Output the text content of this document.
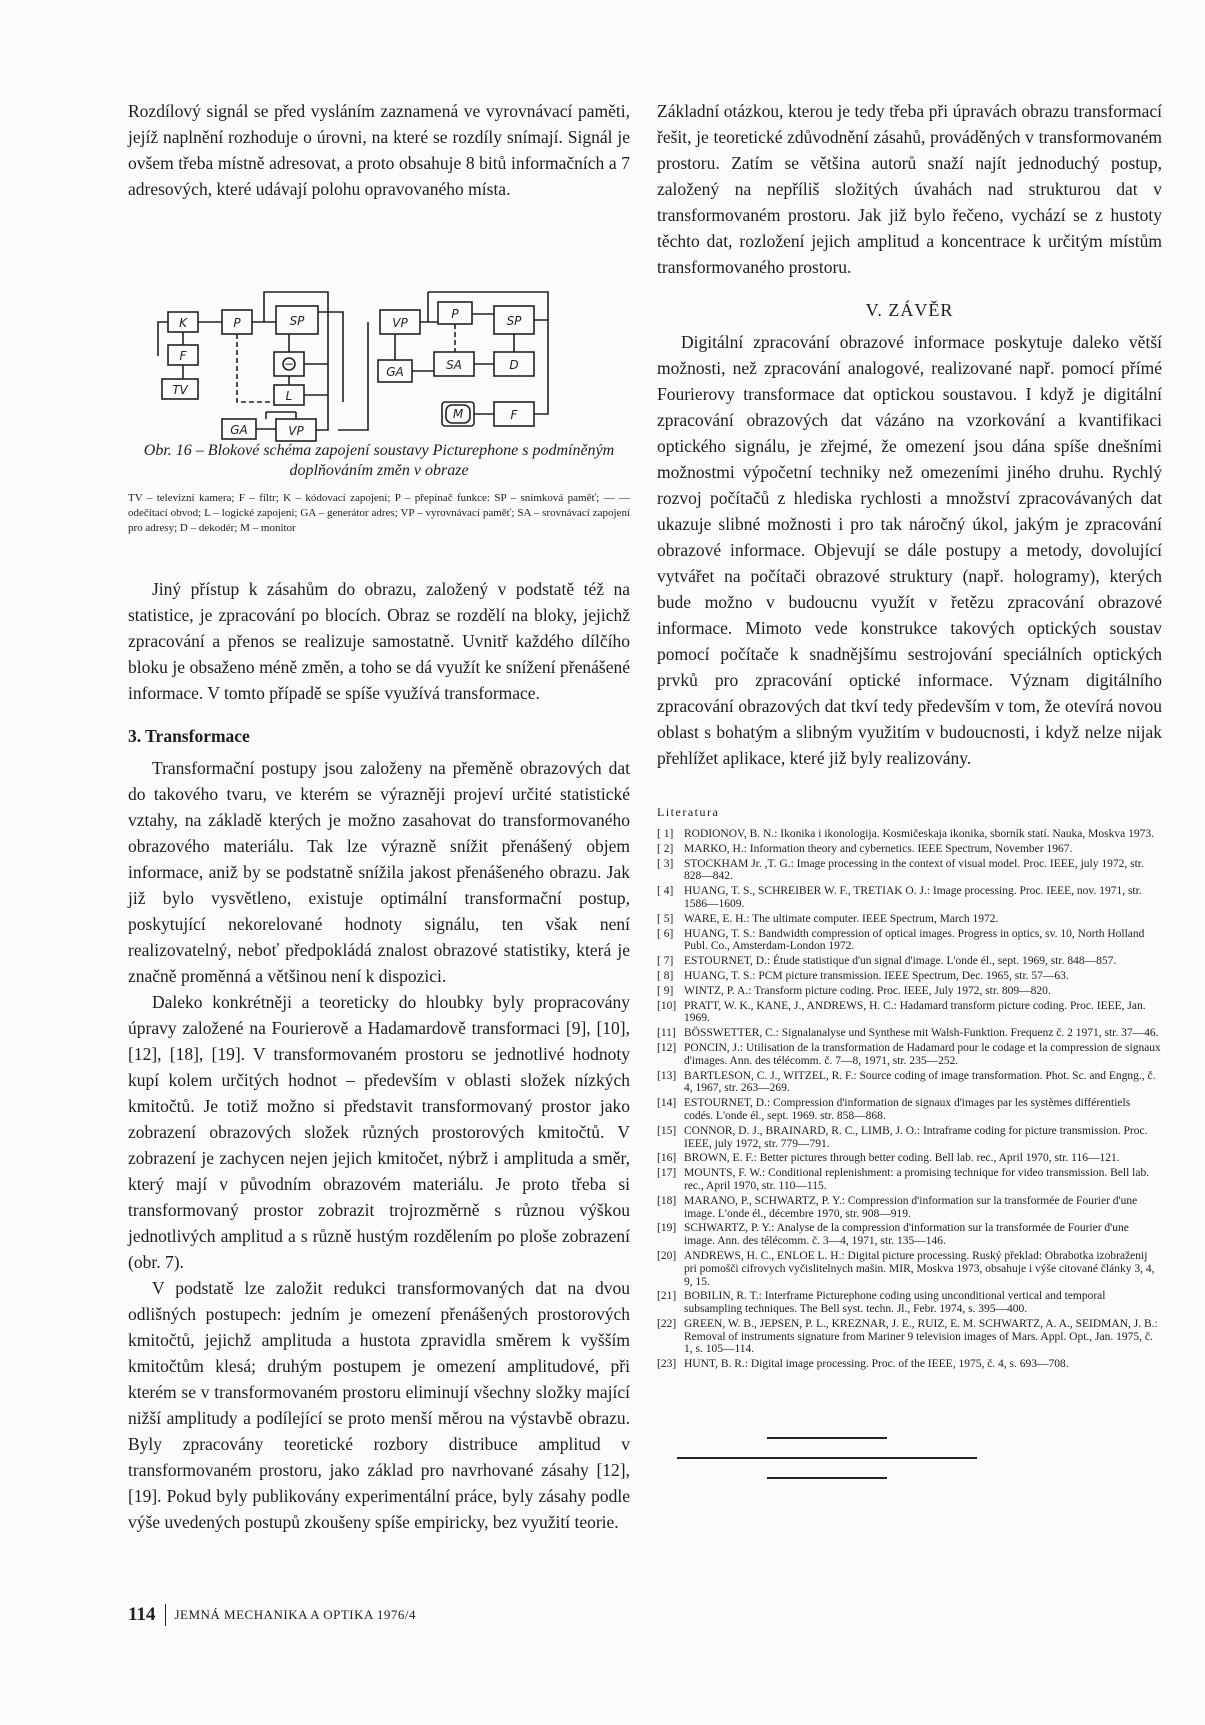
Rozdílový signál se před vysláním zaznamená ve vyrovnávací paměti, jejíž naplnění rozhoduje o úrovni, na které se rozdíly snímají. Signál je ovšem třeba místně adresovat, a proto obsahuje 8 bitů informačních a 7 adresových, které udávají polohu opravovaného místa.

K	P	SP
F
TV
−
L
GA	VP
VP
P	SP
GA	SA	D
M	F
Obr. 16 – Blokové schéma zapojení soustavy Picturephone s podmíněným doplňováním změn v obraze
TV – televizní kamera; F – filtr; K – kódovací zapojení; P – přepínač funkce: SP – snímková paměť; — — odečítací obvod; L – logické zapojení; GA – generátor adres; VP – vyrovnávací paměť; SA – srovnávací zapojení pro adresy; D – dekodér; M – monitor

Jiný přístup k zásahům do obrazu, založený v podstatě též na statistice, je zpracování po blocích. Obraz se rozdělí na bloky, jejichž zpracování a přenos se realizuje samostatně. Uvnitř každého dílčího bloku je obsaženo méně změn, a toho se dá využít ke snížení přenášené informace. V tomto případě se spíše využívá transformace.

3. Transformace

Transformační postupy jsou založeny na přeměně obrazových dat do takového tvaru, ve kterém se výrazněji projeví určité statistické vztahy, na základě kterých je možno zasahovat do transformovaného obrazového materiálu. Tak lze výrazně snížit přenášený objem informace, aniž by se podstatně snížila jakost přenášeného obrazu. Jak již bylo vysvětleno, existuje optimální transformační postup, poskytující nekorelované hodnoty signálu, ten však není realizovatelný, neboť předpokládá znalost obrazové statistiky, která je značně proměnná a většinou není k dispozici.

Daleko konkrétněji a teoreticky do hloubky byly propracovány úpravy založené na Fourierově a Hadamardově transformaci [9], [10], [12], [18], [19]. V transformovaném prostoru se jednotlivé hodnoty kupí kolem určitých hodnot – především v oblasti složek nízkých kmitočtů. Je totiž možno si představit transformovaný prostor jako zobrazení obrazových složek různých prostorových kmitočtů. V zobrazení je zachycen nejen jejich kmitočet, nýbrž i amplituda a směr, který mají v původním obrazovém materiálu. Je proto třeba si transformovaný prostor zobrazit trojrozměrně s různou výškou jednotlivých amplitud a s různě hustým rozdělením po ploše zobrazení (obr. 7).

V podstatě lze založit redukci transformovaných dat na dvou odlišných postupech: jedním je omezení přenášených prostorových kmitočtů, jejichž amplituda a hustota zpravidla směrem k vyšším kmitočtům klesá; druhým postupem je omezení amplitudové, při kterém se v transformovaném prostoru eliminují všechny složky mající nižší amplitudy a podílející se proto menší měrou na výstavbě obrazu. Byly zpracovány teoretické rozbory distribuce amplitud v transformovaném prostoru, jako základ pro navrhované zásahy [12], [19]. Pokud byly publikovány experimentální práce, byly zásahy podle výše uvedených postupů zkoušeny spíše empiricky, bez využití teorie.

Základní otázkou, kterou je tedy třeba při úpravách obrazu transformací řešit, je teoretické zdůvodnění zásahů, prováděných v transformovaném prostoru. Zatím se většina autorů snaží najít jednoduchý postup, založený na nepříliš složitých úvahách nad strukturou dat v transformovaném prostoru. Jak již bylo řečeno, vychází se z hustoty těchto dat, rozložení jejich amplitud a koncentrace k určitým místům transformovaného prostoru.

V. ZÁVĚR

Digitální zpracování obrazové informace poskytuje daleko větší možnosti, než zpracování analogové, realizované např. pomocí přímé Fourierovy transformace dat optickou soustavou. I když je digitální zpracování obrazových dat vázáno na vzorkování a kvantifikaci optického signálu, je zřejmé, že omezení jsou dána spíše dnešními možnostmi výpočetní techniky než omezeními jiného druhu. Rychlý rozvoj počítačů z hlediska rychlosti a množství zpracovávaných dat ukazuje slibné možnosti i pro tak náročný úkol, jakým je zpracování obrazové informace. Objevují se dále postupy a metody, dovolující vytvářet na počítači obrazové struktury (např. hologramy), kterých bude možno v budoucnu využít v řetězu zpracování obrazové informace. Mimoto vede konstrukce takových optických soustav pomocí počítače k snadnějšímu sestrojování speciálních optických prvků pro zpracování optické informace. Význam digitálního zpracování obrazových dat tkví tedy především v tom, že otevírá novou oblast s bohatým a slibným využitím v budoucnosti, i když nelze nijak přehlížet aplikace, které již byly realizovány.

Literatura
[ 1] RODIONOV, B. N.: Ikonika i ikonologija. Kosmičeskaja ikonika, sborník statí. Nauka, Moskva 1973.
[ 2] MARKO, H.: Information theory and cybernetics. IEEE Spectrum, November 1967.
[ 3] STOCKHAM Jr. ,T. G.: Image processing in the context of visual model. Proc. IEEE, july 1972, str. 828—842.
[ 4] HUANG, T. S., SCHREIBER W. F., TRETIAK O. J.: Image processing. Proc. IEEE, nov. 1971, str. 1586—1609.
[ 5] WARE, E. H.: The ultimate computer. IEEE Spectrum, March 1972.
[ 6] HUANG, T. S.: Bandwidth compression of optical images. Progress in optics, sv. 10, North Holland Publ. Co., Amsterdam-London 1972.
[ 7] ESTOURNET, D.: Étude statistique d'un signal d'image. L'onde él., sept. 1969, str. 848—857.
[ 8] HUANG, T. S.: PCM picture transmission. IEEE Spectrum, Dec. 1965, str. 57—63.
[ 9] WINTZ, P. A.: Transform picture coding. Proc. IEEE, July 1972, str. 809—820.
[10] PRATT, W. K., KANE, J., ANDREWS, H. C.: Hadamard transform picture coding. Proc. IEEE, Jan. 1969.
[11] BÖSSWETTER, C.: Signalanalyse und Synthese mit Walsh-Funktion. Frequenz č. 2 1971, str. 37—46.
[12] PONCIN, J.: Utilisation de la transformation de Hadamard pour le codage et la compression de signaux d'images. Ann. des télécomm. č. 7—8, 1971, str. 235—252.
[13] BARTLESON, C. J., WITZEL, R. F.: Source coding of image transformation. Phot. Sc. and Engng., č. 4, 1967, str. 263—269.
[14] ESTOURNET, D.: Compression d'information de signaux d'images par les systèmes différentiels codés. L'onde él., sept. 1969. str. 858—868.
[15] CONNOR, D. J., BRAINARD, R. C., LIMB, J. O.: Intraframe coding for picture transmission. Proc. IEEE, july 1972, str. 779—791.
[16] BROWN, E. F.: Better pictures through better coding. Bell lab. rec., April 1970, str. 116—121.
[17] MOUNTS, F. W.: Conditional replenishment: a promising technique for video transmission. Bell lab. rec., April 1970, str. 110—115.
[18] MARANO, P., SCHWARTZ, P. Y.: Compression d'information sur la transformée de Fourier d'une image. L'onde él., décembre 1970, str. 908—919.
[19] SCHWARTZ, P. Y.: Analyse de la compression d'information sur la transformée de Fourier d'une image. Ann. des télécomm. č. 3—4, 1971, str. 135—146.
[20] ANDREWS, H. C., ENLOE L. H.: Digital picture processing. Ruský překlad: Obrabotka izobraženij pri pomošči cifrovych vyčislitelnych mašin. MIR, Moskva 1973, obsahuje i výše citované články 3, 4, 9, 15.
[21] BOBILIN, R. T.: Interframe Picturephone coding using unconditional vertical and temporal subsampling techniques. The Bell syst. techn. Jl., Febr. 1974, s. 395—400.
[22] GREEN, W. B., JEPSEN, P. L., KREZNAR, J. E., RUIZ, E. M. SCHWARTZ, A. A., SEIDMAN, J. B.: Removal of instruments signature from Mariner 9 television images of Mars. Appl. Opt., Jan. 1975, č. 1, s. 105—114.
[23] HUNT, B. R.: Digital image processing. Proc. of the IEEE, 1975, č. 4, s. 693—708.
114 JEMNÁ MECHANIKA A OPTIKA 1976/4
